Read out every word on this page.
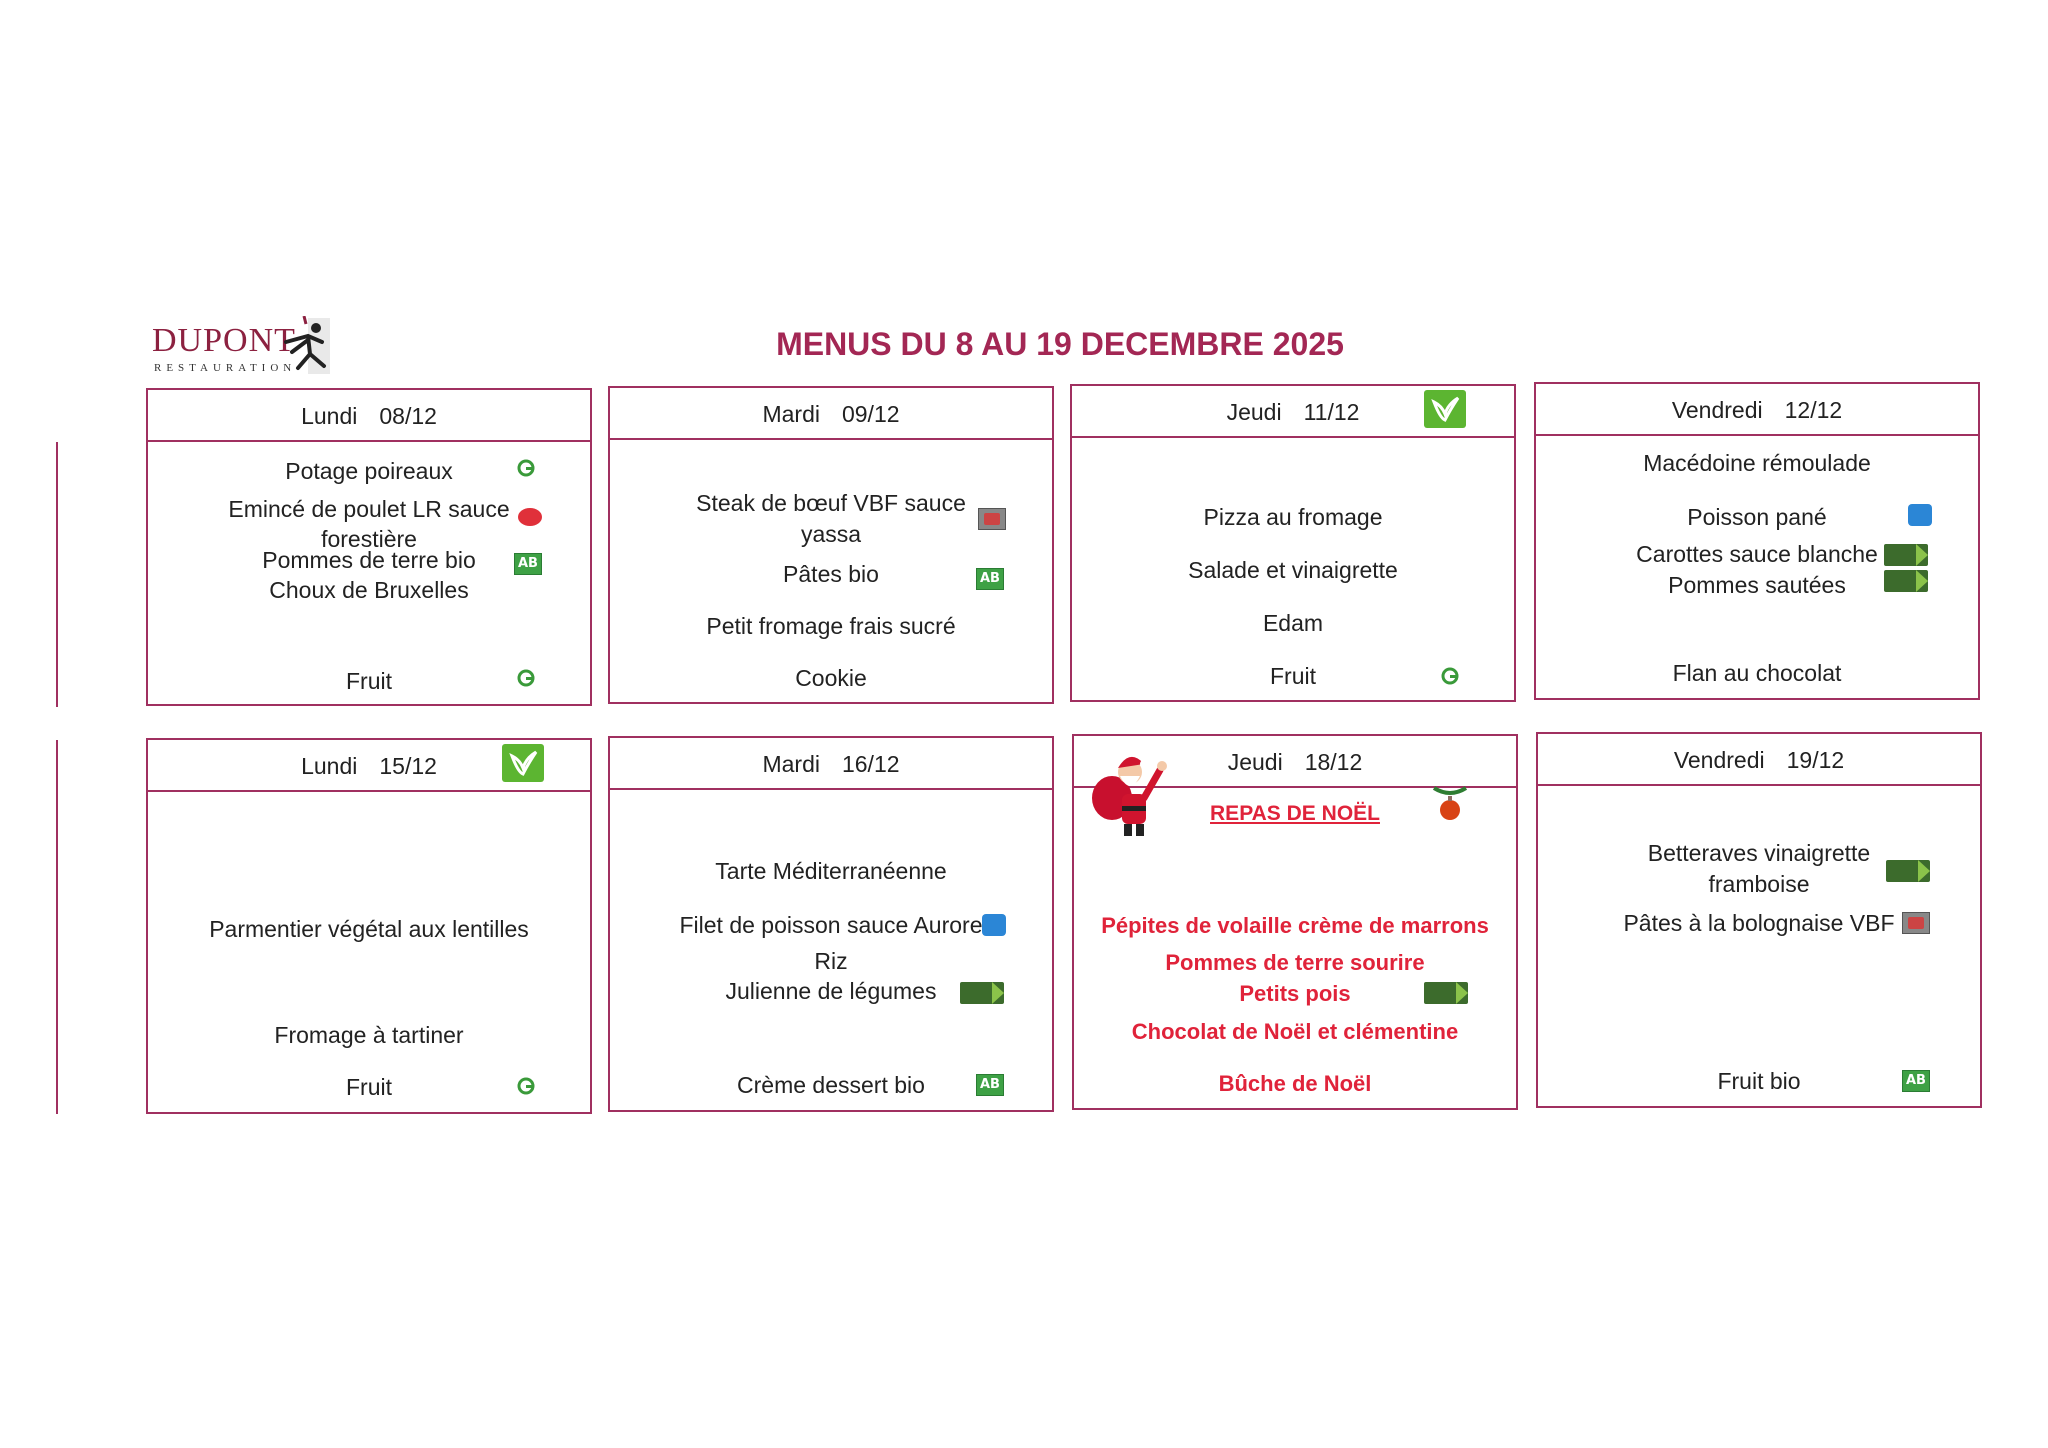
DUPONT
RESTAURATION
MENUS DU 8 AU 19 DECEMBRE 2025
Lundi 08/12
Potage poireaux
Emincé de poulet LR sauce
forestière
Pommes de terre bio
Choux de Bruxelles
Fruit
AB
Mardi 09/12
Steak de bœuf VBF sauce
yassa
Pâtes bio
Petit fromage frais sucré
Cookie
AB
Jeudi 11/12
Pizza au fromage
Salade et vinaigrette
Edam
Fruit
Vendredi 12/12
Macédoine rémoulade
Poisson pané
Carottes sauce blanche
Pommes sautées
Flan au chocolat
Lundi 15/12
Parmentier végétal aux lentilles
Fromage à tartiner
Fruit
Mardi 16/12
Tarte Méditerranéenne
Filet de poisson sauce Aurore
Riz
Julienne de légumes
Crème dessert bio	AB
Jeudi 18/12
REPAS DE NOËL
Pépites de volaille crème de marrons
Pommes de terre sourire
Petits pois
Chocolat de Noël et clémentine
Bûche de Noël
Vendredi 19/12
Betteraves vinaigrette
framboise
Pâtes à la bolognaise VBF
Fruit bio	AB
